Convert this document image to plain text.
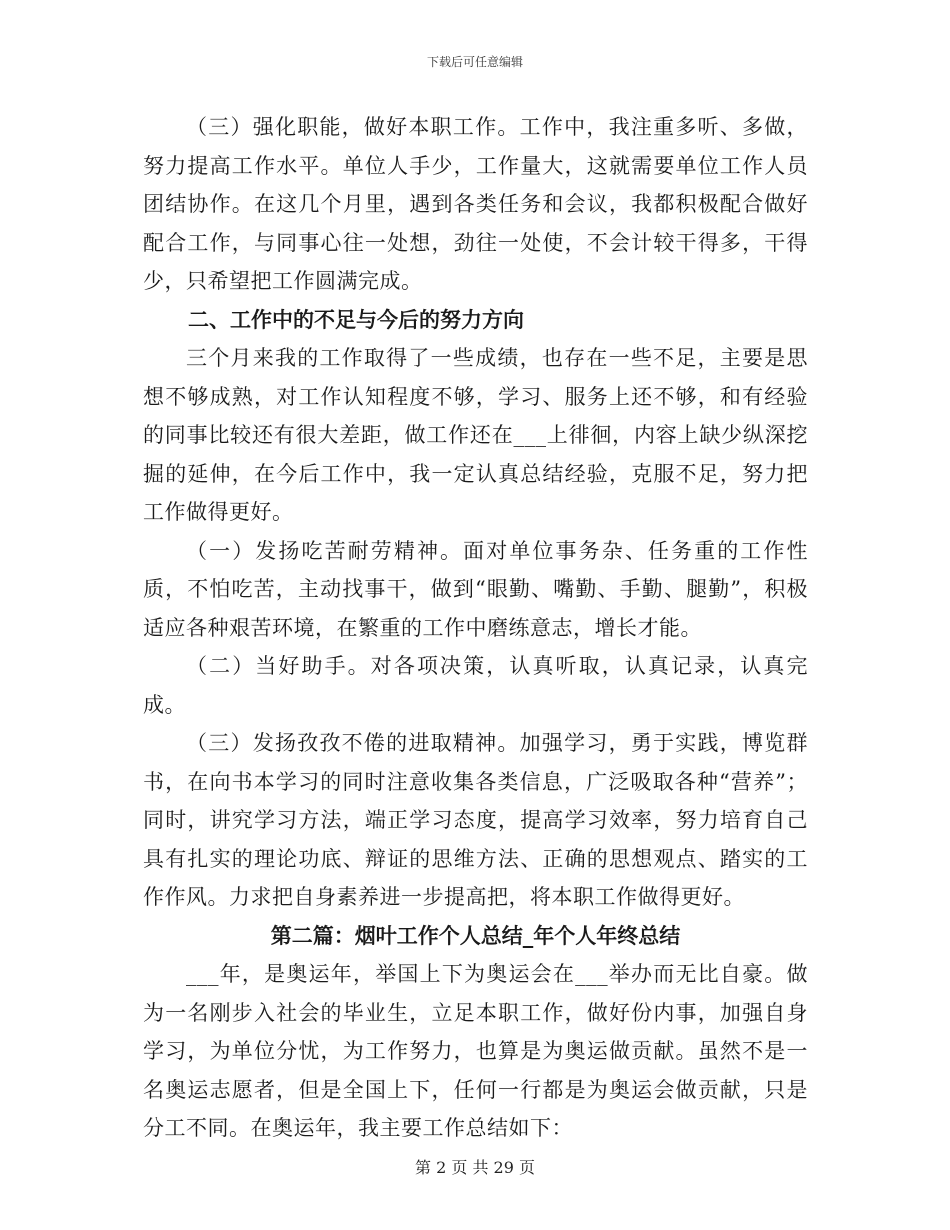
下载后可任意编辑

（三）强化职能，做好本职工作。工作中，我注重多听、多做，努力提高工作水平。单位人手少，工作量大，这就需要单位工作人员团结协作。在这几个月里，遇到各类任务和会议，我都积极配合做好配合工作，与同事心往一处想，劲往一处使，不会计较干得多，干得少，只希望把工作圆满完成。

二、工作中的不足与今后的努力方向

三个月来我的工作取得了一些成绩，也存在一些不足，主要是思想不够成熟，对工作认知程度不够，学习、服务上还不够，和有经验的同事比较还有很大差距，做工作还在___上徘徊，内容上缺少纵深挖掘的延伸，在今后工作中，我一定认真总结经验，克服不足，努力把工作做得更好。

（一）发扬吃苦耐劳精神。面对单位事务杂、任务重的工作性质，不怕吃苦，主动找事干，做到“眼勤、嘴勤、手勤、腿勤”，积极适应各种艰苦环境，在繁重的工作中磨练意志，增长才能。

（二）当好助手。对各项决策，认真听取，认真记录，认真完成。

（三）发扬孜孜不倦的进取精神。加强学习，勇于实践，博览群书，在向书本学习的同时注意收集各类信息，广泛吸取各种“营养”；同时，讲究学习方法，端正学习态度，提高学习效率，努力培育自己具有扎实的理论功底、辩证的思维方法、正确的思想观点、踏实的工作作风。力求把自身素养进一步提高把，将本职工作做得更好。

第二篇：烟叶工作个人总结_年个人年终总结

___年，是奥运年，举国上下为奥运会在___举办而无比自豪。做为一名刚步入社会的毕业生，立足本职工作，做好份内事，加强自身学习，为单位分忧，为工作努力，也算是为奥运做贡献。虽然不是一名奥运志愿者，但是全国上下，任何一行都是为奥运会做贡献，只是分工不同。在奥运年，我主要工作总结如下：

第 2 页 共 29 页
